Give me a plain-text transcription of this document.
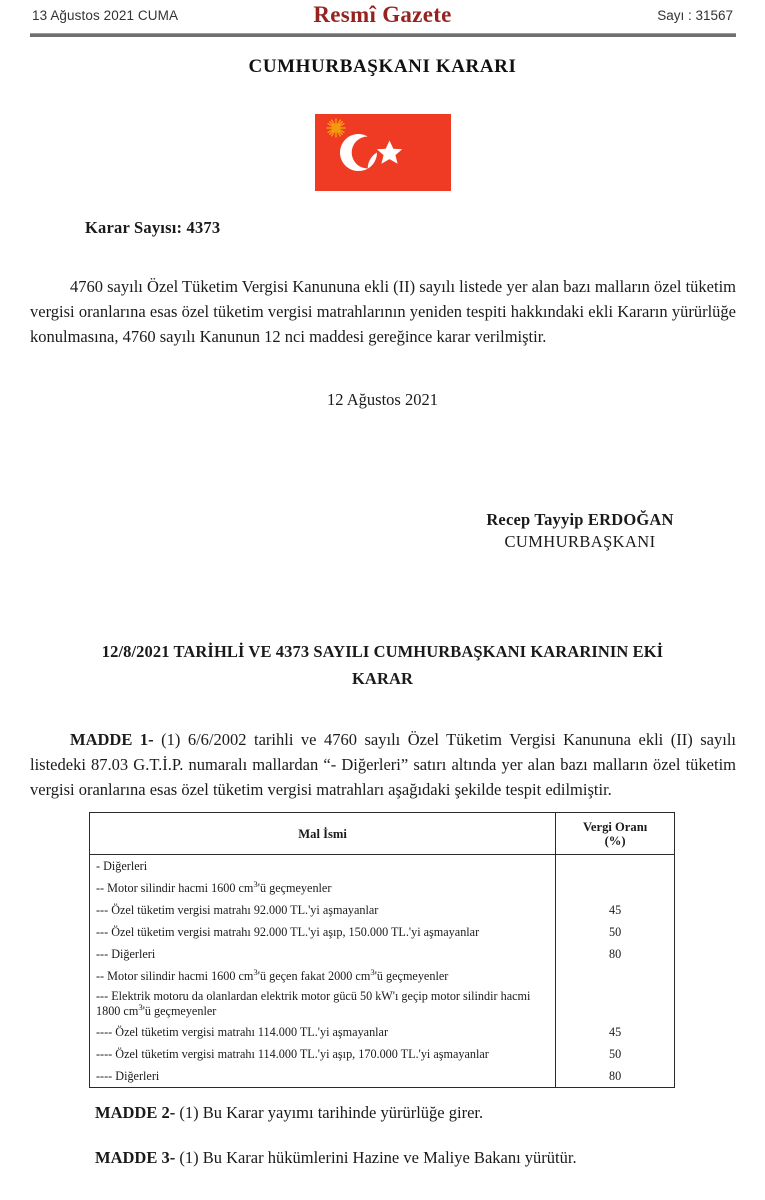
13 Ağustos 2021 CUMA	Resmî Gazete	Sayı : 31567
CUMHURBAŞKANI KARARI
Karar Sayısı: 4373

4760 sayılı Özel Tüketim Vergisi Kanununa ekli (II) sayılı listede yer alan bazı malların özel tüketim vergisi oranlarına esas özel tüketim vergisi matrahlarının yeniden tespiti hakkındaki ekli Kararın yürürlüğe konulmasına, 4760 sayılı Kanunun 12 nci maddesi gereğince karar verilmiştir.

12 Ağustos 2021
Recep Tayyip ERDOĞAN
CUMHURBAŞKANI
12/8/2021 TARİHLİ VE 4373 SAYILI CUMHURBAŞKANI KARARININ EKİ
KARAR

MADDE 1- (1) 6/6/2002 tarihli ve 4760 sayılı Özel Tüketim Vergisi Kanununa ekli (II) sayılı listedeki 87.03 G.T.İ.P. numaralı mallardan “- Diğerleri” satırı altında yer alan bazı malların özel tüketim vergisi oranlarına esas özel tüketim vergisi matrahları aşağıdaki şekilde tespit edilmiştir.

Mal İsmi	Vergi Oranı
(%)
- Diğerleri	
-- Motor silindir hacmi 1600 $cm^3'ü$ geçmeyenler	
--- Özel tüketim vergisi matrahı 92.000 TL.'yi aşmayanlar	45
--- Özel tüketim vergisi matrahı 92.000 TL.'yi aşıp, 150.000 TL.'yi aşmayanlar	50
--- Diğerleri	80
-- Motor silindir hacmi 1600 $cm^3'ü$ geçen fakat 2000 $cm^3'ü$ geçmeyenler	
--- Elektrik motoru da olanlardan elektrik motor gücü 50 kW'ı geçip motor silindir hacmi 1800 $cm^3'ü$ geçmeyenler	
---- Özel tüketim vergisi matrahı 114.000 TL.'yi aşmayanlar	45
---- Özel tüketim vergisi matrahı 114.000 TL.'yi aşıp, 170.000 TL.'yi aşmayanlar	50
---- Diğerleri	80
MADDE 2- (1) Bu Karar yayımı tarihinde yürürlüğe girer.
MADDE 3- (1) Bu Karar hükümlerini Hazine ve Maliye Bakanı yürütür.
